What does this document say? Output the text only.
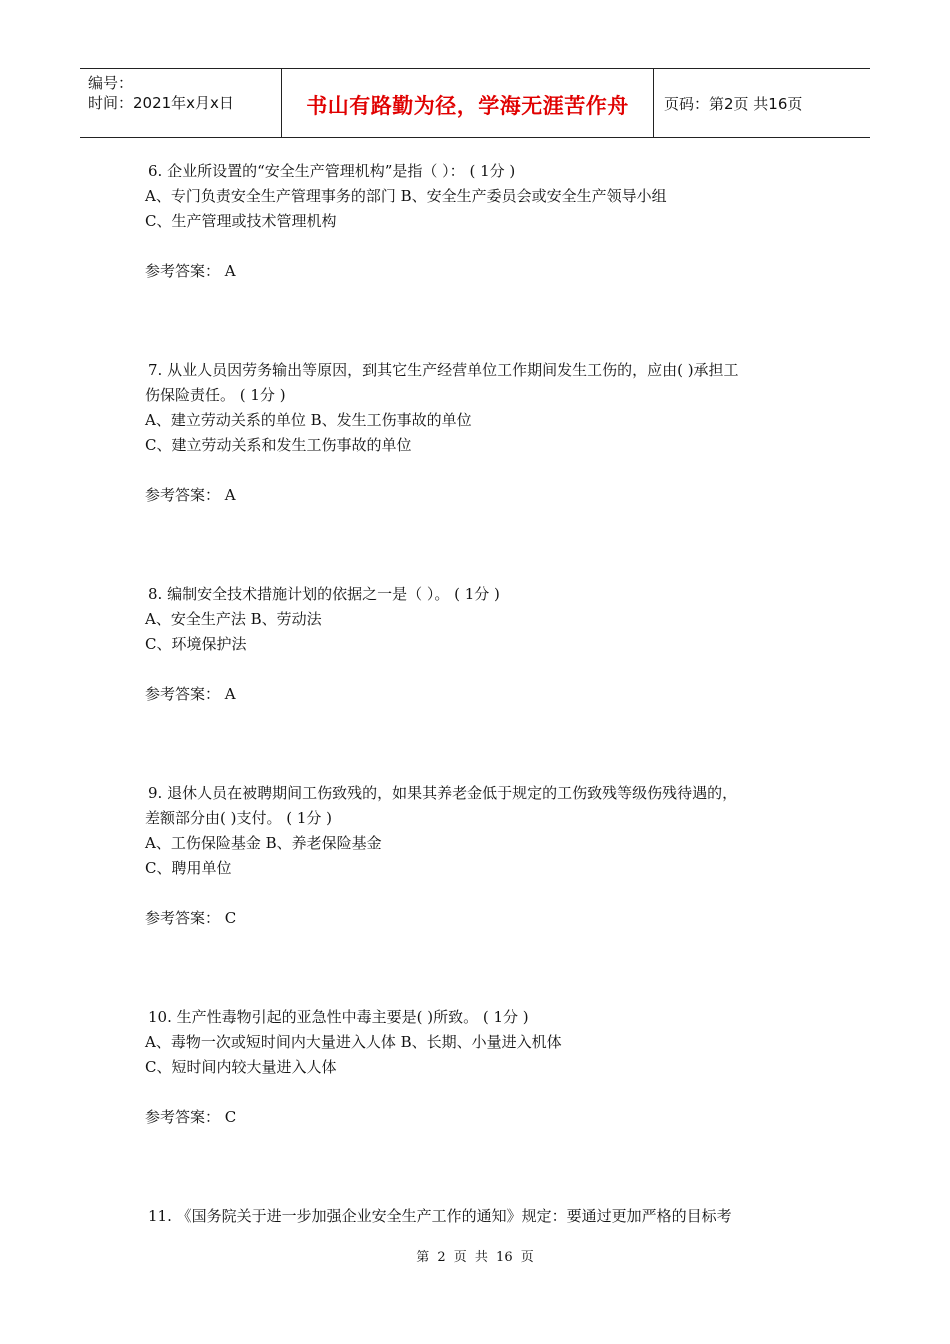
编号：
时间：2021年x月x日	书山有路勤为径，学海无涯苦作舟 页码：第2页 共16页
6. 企业所设置的“安全生产管理机构”是指（ ）： ( 1分 )
A、专门负责安全生产管理事务的部门 B、安全生产委员会或安全生产领导小组
C、生产管理或技术管理机构
参考答案： A
7. 从业人员因劳务输出等原因，到其它生产经营单位工作期间发生工伤的，应由( )承担工
伤保险责任。 ( 1分 )
A、建立劳动关系的单位 B、发生工伤事故的单位
C、建立劳动关系和发生工伤事故的单位
参考答案： A
8. 编制安全技术措施计划的依据之一是（ ）。 ( 1分 )
A、安全生产法 B、劳动法
C、环境保护法
参考答案： A
9. 退休人员在被聘期间工伤致残的，如果其养老金低于规定的工伤致残等级伤残待遇的，
差额部分由( )支付。 ( 1分 )
A、工伤保险基金 B、养老保险基金
C、聘用单位
参考答案： C
10. 生产性毒物引起的亚急性中毒主要是( )所致。 ( 1分 )
A、毒物一次或短时间内大量进入人体 B、长期、小量进入机体
C、短时间内较大量进入人体
参考答案： C
11. 《国务院关于进一步加强企业安全生产工作的通知》规定：要通过更加严格的目标考
第 2 页 共 16 页
